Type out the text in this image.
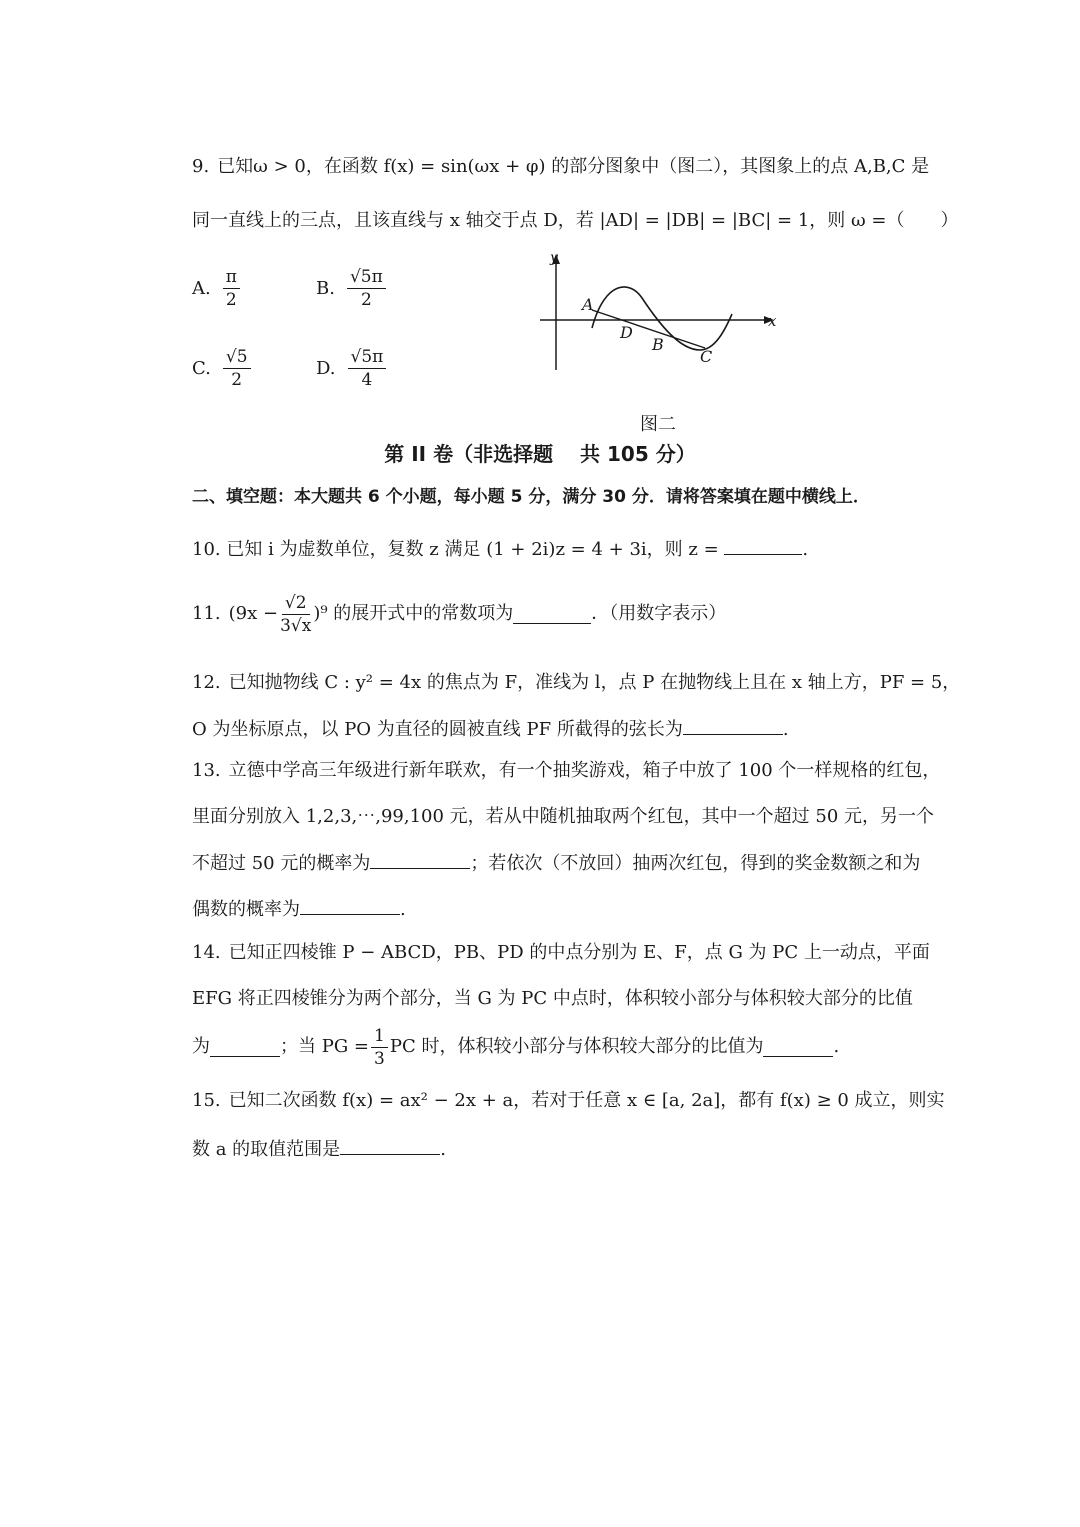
9. 已知ω > 0，在函数 f(x) = sin(ωx + φ) 的部分图象中（图二），其图象上的点 A,B,C 是
同一直线上的三点，且该直线与 x 轴交于点 D，若 |AD| = |DB| = |BC| = 1，则 ω =（　　）
A. $\frac{\pi}{2}$	B. $\frac{√5\pi}{2}$
C. $\frac{√5}{2}$	D. $\frac{√5\pi}{4}$
A
D
B
C
y
x
图二
第 II 卷（非选择题　 共 105 分）
二、填空题：本大题共 6 个小题，每小题 5 分，满分 30 分．请将答案填在题中横线上．
10. 已知 i 为虚数单位，复数 z 满足 (1 + 2i)z = 4 + 3i，则 z =	.
11. $(9x - \frac{√2}{3√x} )^9$ 的展开式中的常数项为	．（用数字表示）
12. 已知抛物线 C : y² = 4x 的焦点为 F，准线为 l，点 P 在抛物线上且在 x 轴上方，PF = 5，
O 为坐标原点，以 PO 为直径的圆被直线 PF 所截得的弦长为	.
13. 立德中学高三年级进行新年联欢，有一个抽奖游戏，箱子中放了 100 个一样规格的红包，
里面分别放入 1,2,3,⋯,99,100 元，若从中随机抽取两个红包，其中一个超过 50 元，另一个
不超过 50 元的概率为	；若依次（不放回）抽两次红包，得到的奖金数额之和为
偶数的概率为	.
14. 已知正四棱锥 P − ABCD，PB、PD 的中点分别为 E、F，点 G 为 PC 上一动点，平面
EFG 将正四棱锥分为两个部分，当 G 为 PC 中点时，体积较小部分与体积较大部分的比值
为	；当 PG = $\frac{1}{3}$ PC 时，体积较小部分与体积较大部分的比值为	.
15. 已知二次函数 f(x) = ax² − 2x + a，若对于任意 x ∈ [a, 2a]，都有 f(x) ≥ 0 成立，则实
数 a 的取值范围是	.
